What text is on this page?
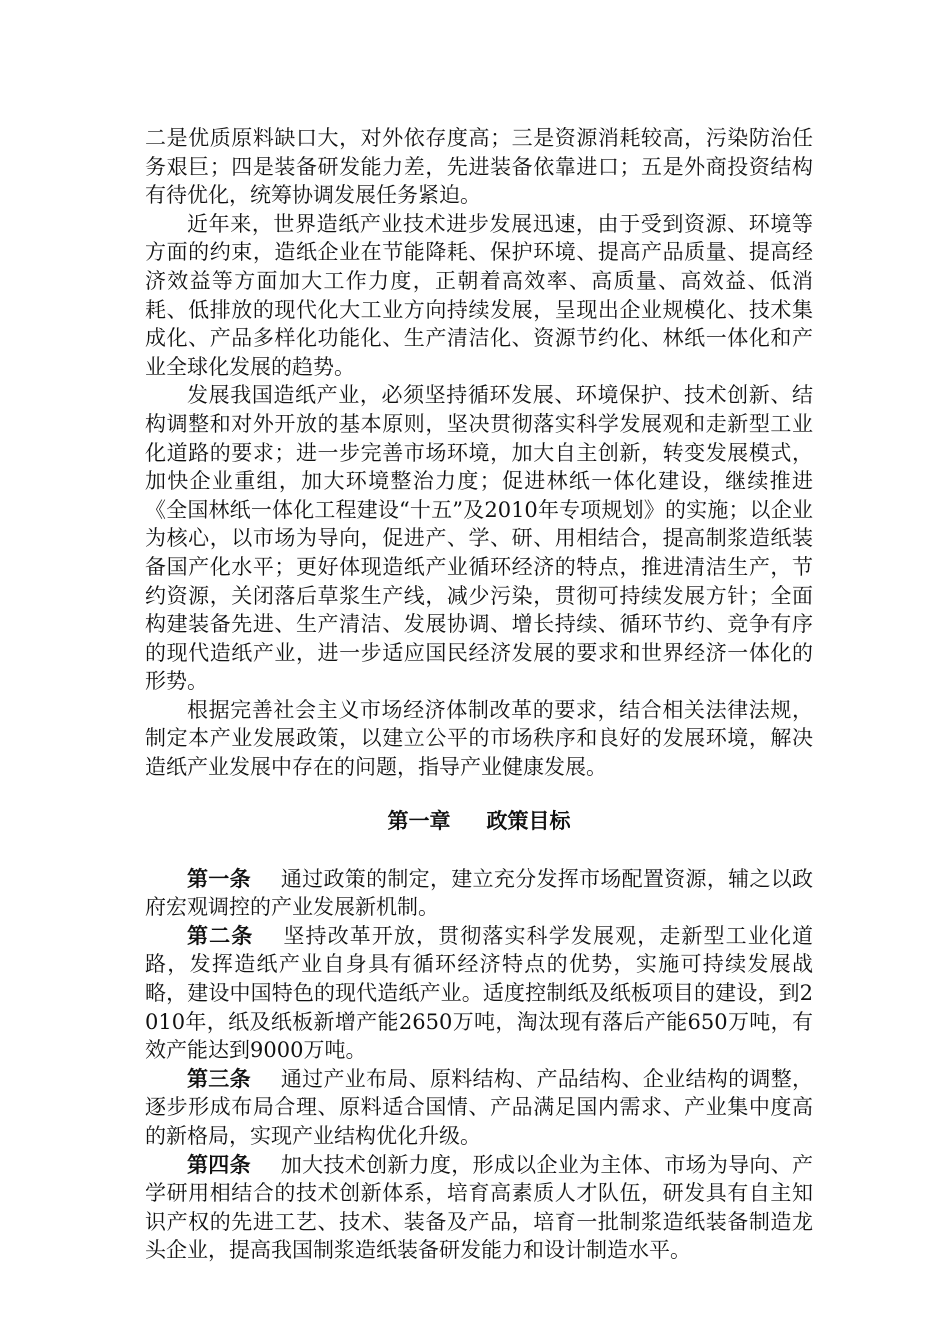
二是优质原料缺口大，对外依存度高；三是资源消耗较高，污染防治任务艰巨；四是装备研发能力差，先进装备依靠进口；五是外商投资结构有待优化，统筹协调发展任务紧迫。

近年来，世界造纸产业技术进步发展迅速，由于受到资源、环境等方面的约束，造纸企业在节能降耗、保护环境、提高产品质量、提高经济效益等方面加大工作力度，正朝着高效率、高质量、高效益、低消耗、低排放的现代化大工业方向持续发展，呈现出企业规模化、技术集成化、产品多样化功能化、生产清洁化、资源节约化、林纸一体化和产业全球化发展的趋势。

发展我国造纸产业，必须坚持循环发展、环境保护、技术创新、结构调整和对外开放的基本原则，坚决贯彻落实科学发展观和走新型工业化道路的要求；进一步完善市场环境，加大自主创新，转变发展模式，加快企业重组，加大环境整治力度；促进林纸一体化建设，继续推进《全国林纸一体化工程建设“十五”及2010年专项规划》的实施；以企业为核心，以市场为导向，促进产、学、研、用相结合，提高制浆造纸装备国产化水平；更好体现造纸产业循环经济的特点，推进清洁生产，节约资源，关闭落后草浆生产线，减少污染，贯彻可持续发展方针；全面构建装备先进、生产清洁、发展协调、增长持续、循环节约、竞争有序的现代造纸产业，进一步适应国民经济发展的要求和世界经济一体化的形势。

根据完善社会主义市场经济体制改革的要求，结合相关法律法规，制定本产业发展政策，以建立公平的市场秩序和良好的发展环境，解决造纸产业发展中存在的问题，指导产业健康发展。

第一章 政策目标

第一条 通过政策的制定，建立充分发挥市场配置资源，辅之以政府宏观调控的产业发展新机制。

第二条 坚持改革开放，贯彻落实科学发展观，走新型工业化道路，发挥造纸产业自身具有循环经济特点的优势，实施可持续发展战略，建设中国特色的现代造纸产业。适度控制纸及纸板项目的建设，到2010年，纸及纸板新增产能2650万吨，淘汰现有落后产能650万吨，有效产能达到9000万吨。

第三条 通过产业布局、原料结构、产品结构、企业结构的调整，逐步形成布局合理、原料适合国情、产品满足国内需求、产业集中度高的新格局，实现产业结构优化升级。

第四条 加大技术创新力度，形成以企业为主体、市场为导向、产学研用相结合的技术创新体系，培育高素质人才队伍，研发具有自主知识产权的先进工艺、技术、装备及产品，培育一批制浆造纸装备制造龙头企业，提高我国制浆造纸装备研发能力和设计制造水平。
